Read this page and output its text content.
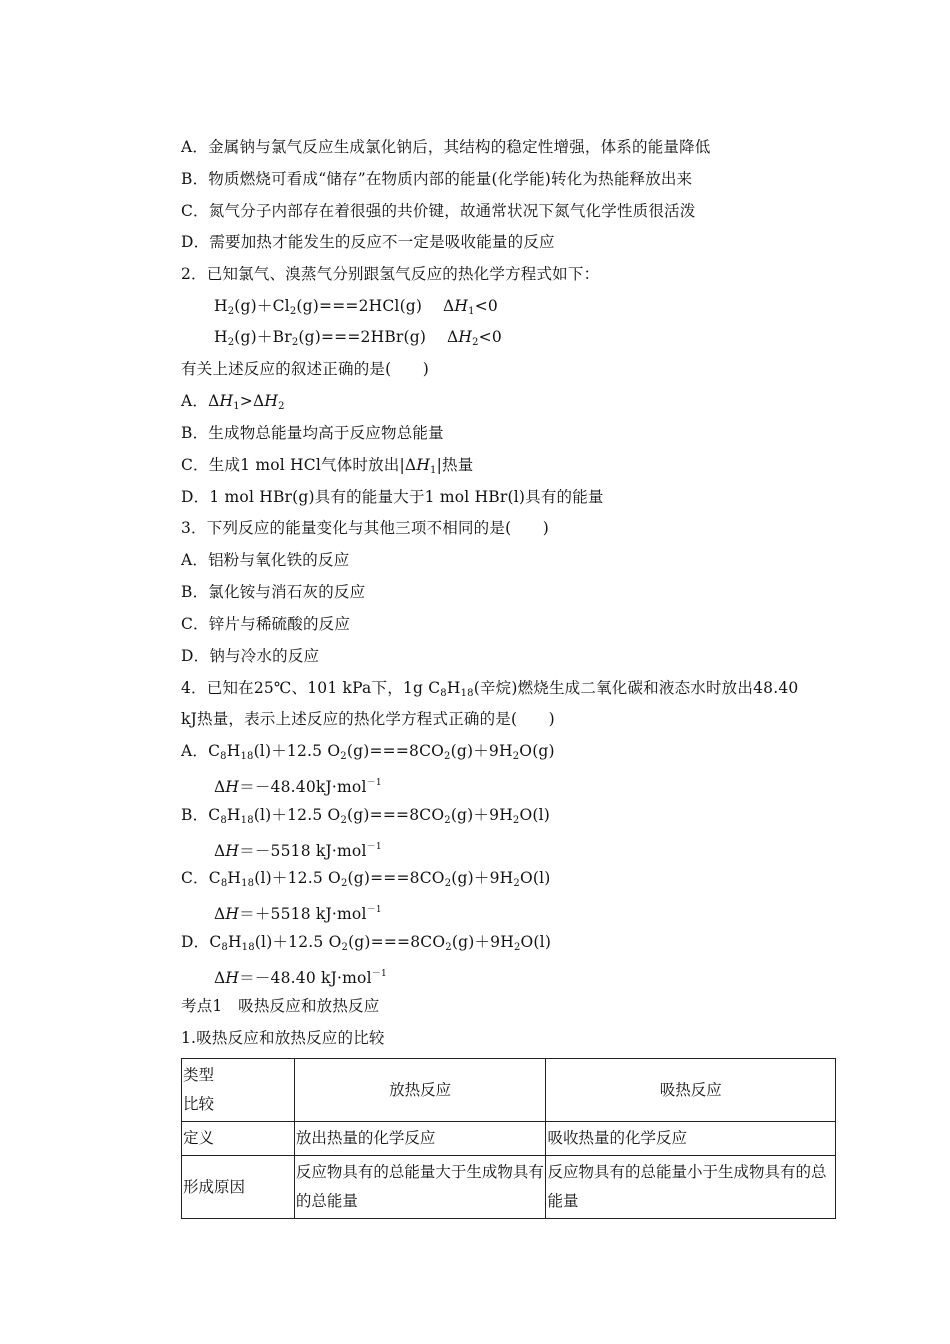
A．金属钠与氯气反应生成氯化钠后，其结构的稳定性增强，体系的能量降低
B．物质燃烧可看成“储存”在物质内部的能量(化学能)转化为热能释放出来
C．氮气分子内部存在着很强的共价键，故通常状况下氮气化学性质很活泼
D．需要加热才能发生的反应不一定是吸收能量的反应
2．已知氯气、溴蒸气分别跟氢气反应的热化学方程式如下：
$H_2(g)+Cl_2(g)===2HCl(g)$　 $\Delta H_1<0$
$H_2(g)+Br_2(g)===2HBr(g)$　 $\Delta H_2<0$
有关上述反应的叙述正确的是(　　)
A．$\Delta H_1>\Delta H_2$
B．生成物总能量均高于反应物总能量
C．生成1 mol HCl气体时放出$|\Delta H_1|$热量
D．1 mol HBr(g)具有的能量大于1 mol HBr(l)具有的能量
3．下列反应的能量变化与其他三项不相同的是(　　)
A．铝粉与氧化铁的反应
B．氯化铵与消石灰的反应
C．锌片与稀硫酸的反应
D．钠与冷水的反应
4．已知在25℃、101 kPa下，1g $C_8H_{18}$(辛烷)燃烧生成二氧化碳和液态水时放出48.40
kJ热量，表示上述反应的热化学方程式正确的是(　　)
A．$C_8H_{18}(l)+12.5$ $O_2(g)===8CO_2(g)+9H_2O(g)$
ΔH＝－48.40kJ·mol$^{-1}$
B．$C_8H_{18}(l)+12.5$ $O_2(g)===8CO_2(g)+9H_2O(l)$
ΔH＝－5518 kJ·mol$^{-1}$
C．$C_8H_{18}(l)+12.5$ $O_2(g)===8CO_2(g)+9H_2O(l)$
ΔH＝＋5518 kJ·mol$^{-1}$
D．$C_8H_{18}(l)+12.5$ $O_2(g)===8CO_2(g)+9H_2O(l)$
ΔH＝－48.40 kJ·mol$^{-1}$
考点1　吸热反应和放热反应
1.吸热反应和放热反应的比较
类型
比较	放热反应	吸热反应
定义	放出热量的化学反应	吸收热量的化学反应
形成原因	反应物具有的总能量大于生成物具有的总能量	反应物具有的总能量小于生成物具有的总能量
